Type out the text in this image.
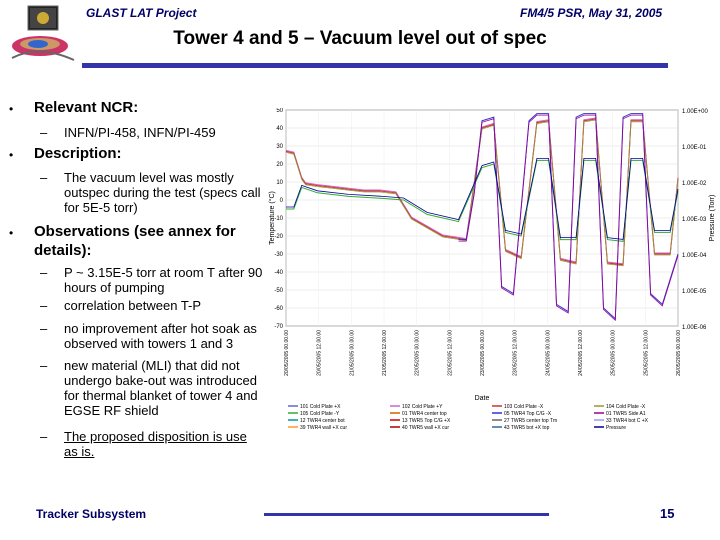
GLAST LAT Project	FM4/5 PSR, May 31, 2005
Tower 4 and 5 – Vacuum level out of spec
• Relevant NCR:
– INFN/PI-458, INFN/PI-459
• Description:
– The vacuum level was mostly outspec during the test (specs call for 5E-5 torr)
• Observations (see annex for details):
– P ~ 3.15E-5 torr at room T after 90 hours of pumping
– correlation between T-P
– no improvement after hot soak as observed with towers 1 and 3
– new material (MLI) that did not undergo bake-out was introduced for thermal blanket of tower 4 and EGSE RF shield
– The proposed disposition is use as is.
50
40
30
20
10
0
-10
-20
-30
-40
-50
-60
-70
1.00E+00
1.00E-01
1.00E-02
1.00E-03
1.00E-04
1.00E-05
1.00E-06
20/05/2005 00.00.00	20/05/2005 12.00.00	21/05/2005 00.00.00	21/05/2005 12.00.00	22/05/2005 00.00.00	22/05/2005 12.00.00	23/05/2005 00.00.00	23/05/2005 12.00.00	24/05/2005 00.00.00	24/05/2005 12.00.00	25/05/2005 00.00.00	25/05/2005 12.00.00	26/05/2005 00.00.00
Temperature (°C)	Pressure (Torr)
Date
101 Cold Plate +X	102 Cold Plate +Y	103 Cold Plate -X	104 Cold Plate -X
105 Cold Plate -Y	01 TWR4 center top	05 TWR4 Top C/G -X	01 TWR5 Side A1
12 TWR4 center bot	13 TWR5 Top C/G +X	27 TWR5 center top Tm	33 TWR4 bot C +X
39 TWR4 wall +X cur	40 TWR5 wall +X cur	43 TWR5 bot +X top	Pressure
Tracker Subsystem	15
